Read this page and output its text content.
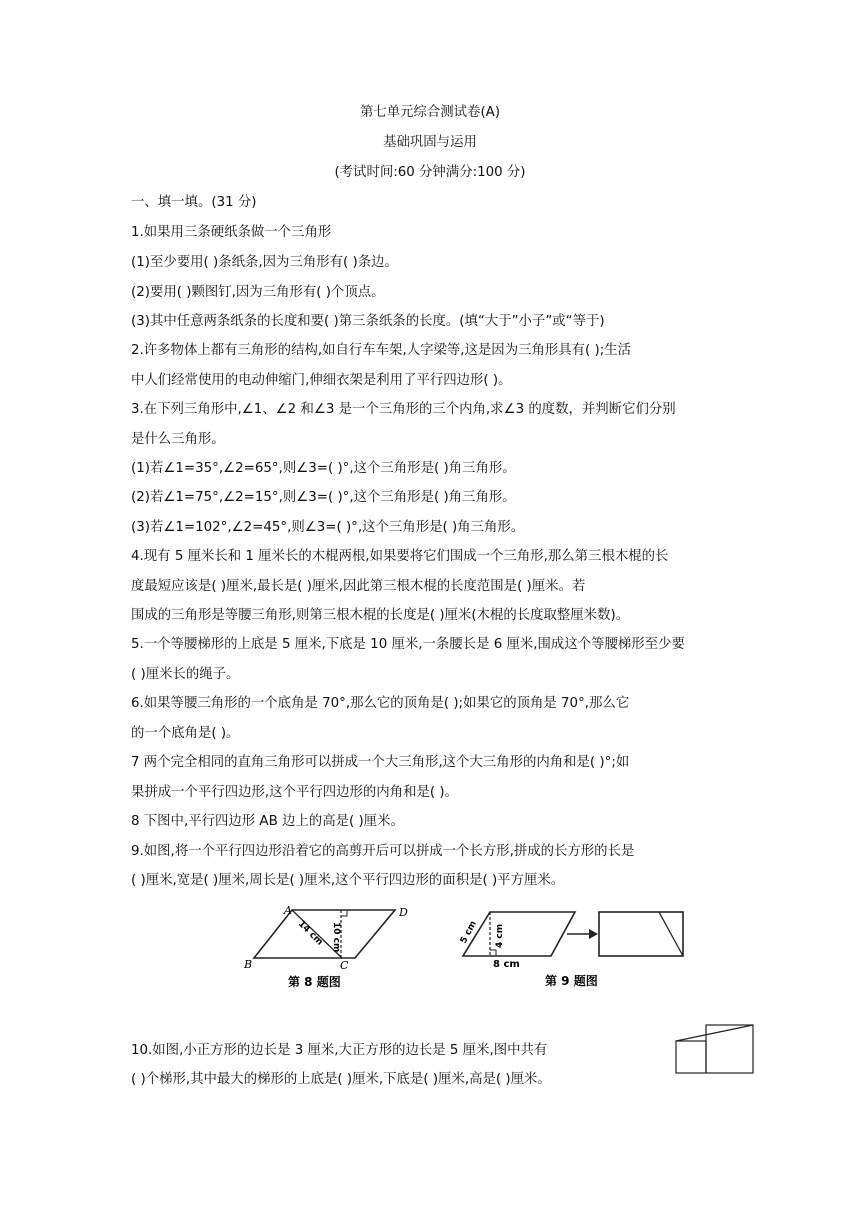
第七单元综合测试卷(A)
基础巩固与运用
(考试时间:60 分钟满分:100 分)
一、填一填。(31 分)
1.如果用三条硬纸条做一个三角形
(1)至少要用( )条纸条,因为三角形有( )条边。
(2)要用( )颗图钉,因为三角形有( )个顶点。
(3)其中任意两条纸条的长度和要( )第三条纸条的长度。(填“大于”小子”或“等于)
2.许多物体上都有三角形的结构,如自行车车架,人字梁等,这是因为三角形具有( );生活
中人们经常使用的电动伸缩门,伸细衣架是利用了平行四边形( )。
3.在下列三角形中,∠1、∠2 和∠3 是一个三角形的三个内角,求∠3 的度数，并判断它们分别
是什么三角形。
(1)若∠1=35°,∠2=65°,则∠3=( )°,这个三角形是( )角三角形。
(2)若∠1=75°,∠2=15°,则∠3=( )°,这个三角形是( )角三角形。
(3)若∠1=102°,∠2=45°,则∠3=( )°,这个三角形是( )角三角形。
4.现有 5 厘米长和 1 厘米长的木棍两根,如果要将它们围成一个三角形,那么第三根木棍的长
度最短应该是( )厘米,最长是( )厘米,因此第三根木棍的长度范围是( )厘米。若
围成的三角形是等腰三角形,则第三根木棍的长度是( )厘米(木棍的长度取整厘米数)。
5.一个等腰梯形的上底是 5 厘米,下底是 10 厘米,一条腰长是 6 厘米,围成这个等腰梯形至少要
( )厘米长的绳子。
6.如果等腰三角形的一个底角是 70°,那么它的顶角是( );如果它的顶角是 70°,那么它
的一个底角是( )。
7 两个完全相同的直角三角形可以拼成一个大三角形,这个大三角形的内角和是( )°;如
果拼成一个平行四边形,这个平行四边形的内角和是( )。
8 下图中,平行四边形 AB 边上的高是( )厘米。
9.如图,将一个平行四边形沿着它的高剪开后可以拼成一个长方形,拼成的长方形的长是
( )厘米,宽是( )厘米,周长是( )厘米,这个平行四边形的面积是( )平方厘米。
A	D
B	C
14 cm 10 cm
第 8 题图
5 cm 4 cm
8 cm
第 9 题图
10.如图,小正方形的边长是 3 厘米,大正方形的边长是 5 厘米,图中共有
( )个梯形,其中最大的梯形的上底是( )厘米,下底是( )厘米,高是( )厘米。
